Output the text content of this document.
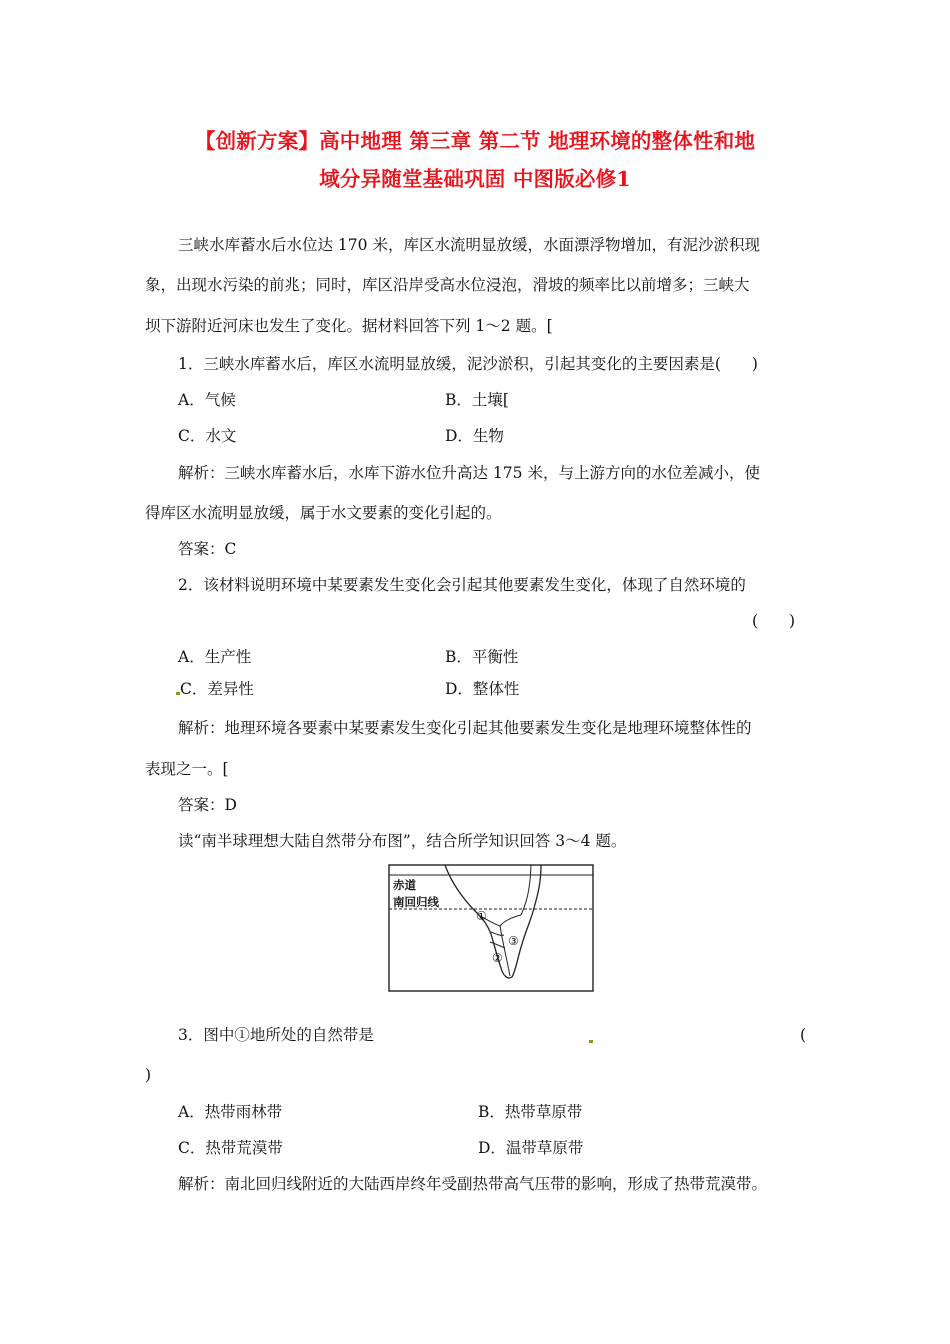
【创新方案】高中地理 第三章 第二节 地理环境的整体性和地
域分异随堂基础巩固 中图版必修1
三峡水库蓄水后水位达 170 米，库区水流明显放缓，水面漂浮物增加，有泥沙淤积现
象，出现水污染的前兆；同时，库区沿岸受高水位浸泡，滑坡的频率比以前增多；三峡大
坝下游附近河床也发生了变化。据材料回答下列 1～2 题。[
1．三峡水库蓄水后，库区水流明显放缓，泥沙淤积，引起其变化的主要因素是(　　)
A．气候	B．土壤[
C．水文	D．生物
解析：三峡水库蓄水后，水库下游水位升高达 175 米，与上游方向的水位差减小，使
得库区水流明显放缓，属于水文要素的变化引起的。
答案：C
2．该材料说明环境中某要素发生变化会引起其他要素发生变化，体现了自然环境的
(　　)
A．生产性	B．平衡性
C．差异性	D．整体性
解析：地理环境各要素中某要素发生变化引起其他要素发生变化是地理环境整体性的
表现之一。[
答案：D
读“南半球理想大陆自然带分布图”，结合所学知识回答 3～4 题。
赤道
南回归线
①
③
②
3．图中①地所处的自然带是	(
)
A．热带雨林带	B．热带草原带
C．热带荒漠带	D．温带草原带
解析：南北回归线附近的大陆西岸终年受副热带高气压带的影响，形成了热带荒漠带。
